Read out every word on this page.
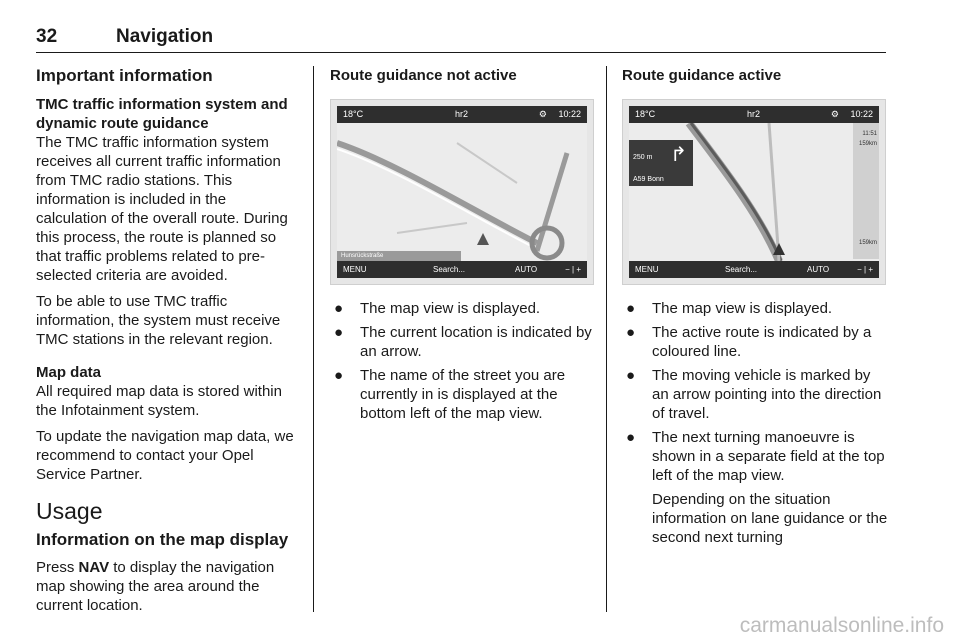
32	Navigation
Important information
TMC traffic information system and dynamic route guidance

The TMC traffic information system receives all current traffic information from TMC radio stations. This information is included in the calculation of the overall route. During this process, the route is planned so that traffic problems related to pre-selected criteria are avoided.

To be able to use TMC traffic information, the system must receive TMC stations in the relevant region.

Map data

All required map data is stored within the Infotainment system.

To update the navigation map data, we recommend to contact your Opel Service Partner.

Usage
Information on the map display

Press NAV to display the navigation map showing the area around the current location.

Route guidance not active
18°C	hr2	⚙ 10:22
Hunsrückstraße
MENU	Search...	AUTO	− | +
● The map view is displayed.
● The current location is indicated by an arrow.
● The name of the street you are currently in is displayed at the bottom left of the map view.
Route guidance active
18°C	hr2	⚙ 10:22
250 m ↱
A59 Bonn
11:51
159km
159km
MENU	Search...	AUTO	− | +
● The map view is displayed.
● The active route is indicated by a coloured line.
● The moving vehicle is marked by an arrow pointing into the direction of travel.
● The next turning manoeuvre is shown in a separate field at the top left of the map view.
Depending on the situation information on lane guidance or the second next turning
carmanualsonline.info
